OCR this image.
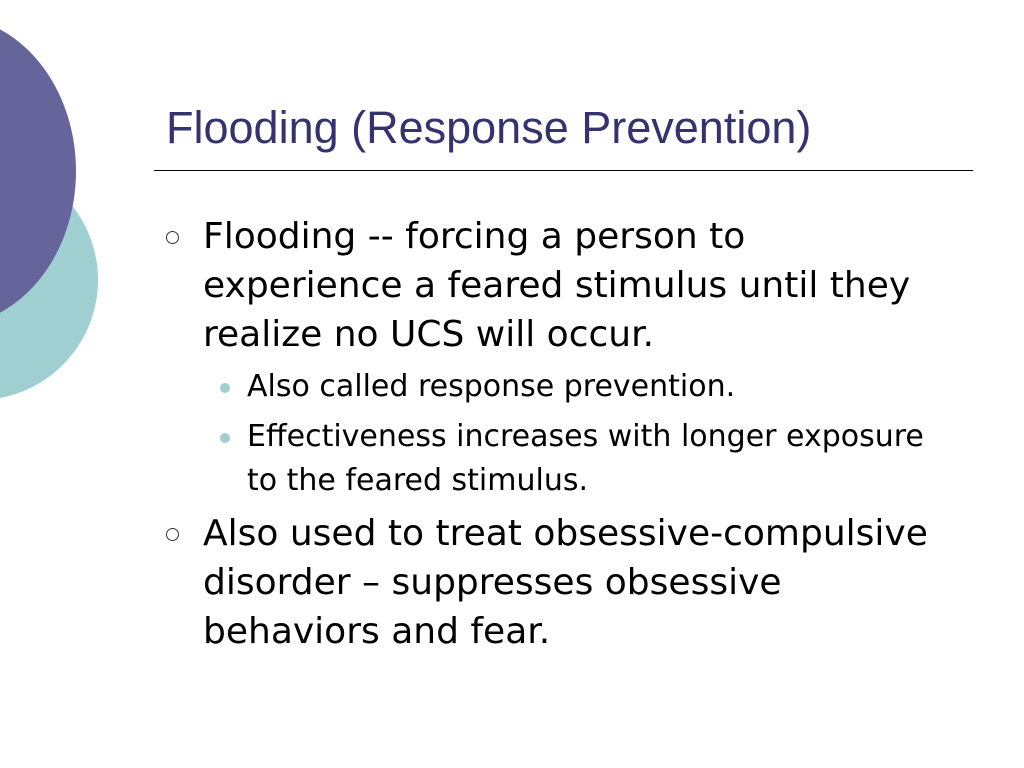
Flooding (Response Prevention)
Flooding -- forcing a person to experience a feared stimulus until they realize no UCS will occur.
Also called response prevention.
Effectiveness increases with longer exposure to the feared stimulus.
Also used to treat obsessive-compulsive disorder – suppresses obsessive behaviors and fear.
